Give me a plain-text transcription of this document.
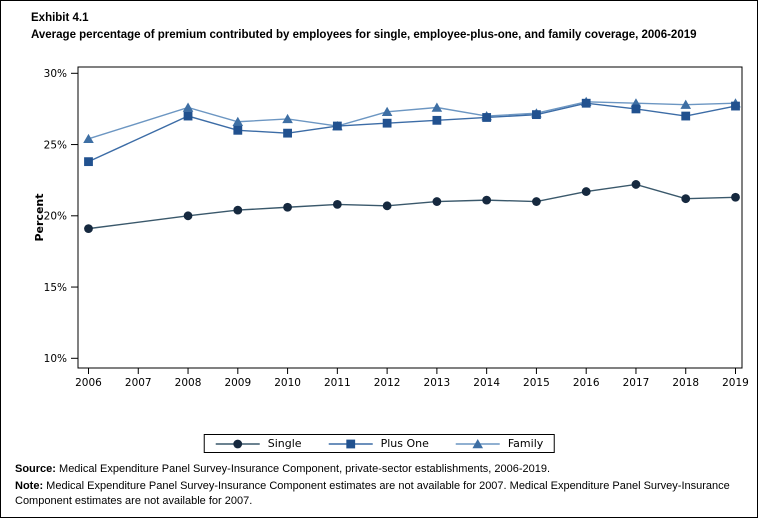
Exhibit 4.1
Average percentage of premium contributed by employees for single, employee-plus-one, and family coverage, 2006-2019
30%
25%
20%
15%
10%
Percent
2006 2007 2008 2009 2010 2011 2012 2013 2014 2015 2016 2017 2018 2019
Single	Plus One	Family

Source: Medical Expenditure Panel Survey-Insurance Component, private-sector establishments, 2006-2019.

Note: Medical Expenditure Panel Survey-Insurance Component estimates are not available for 2007. Medical Expenditure Panel Survey-Insurance Component estimates are not available for 2007.
